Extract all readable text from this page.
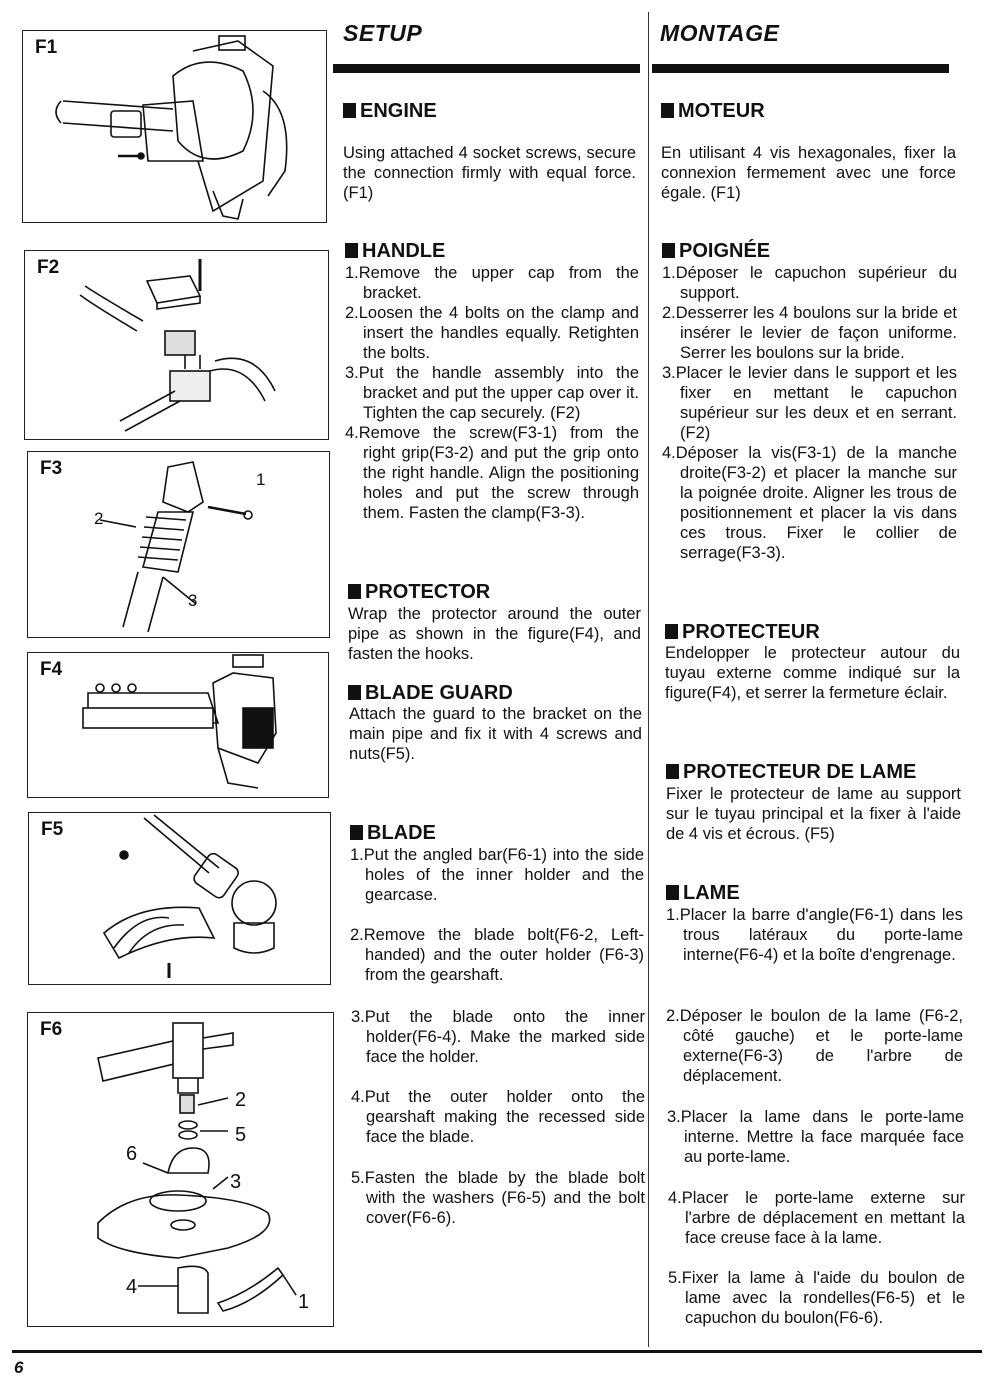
F1
F2
F3
1
2
3
F4
F5
F6
2
5
6
3
4
1
SETUP
ENGINE
Using attached 4 socket screws, secure the connection firmly with equal force. (F1)
HANDLE
1.Remove the upper cap from the bracket.
2.Loosen the 4 bolts on the clamp and insert the handles equally. Retighten the bolts.
3.Put the handle assembly into the bracket and put the upper cap over it. Tighten the cap securely. (F2)
4.Remove the screw(F3-1) from the right grip(F3-2) and put the grip onto the right handle. Align the positioning holes and put the screw through them. Fasten the clamp(F3-3).
PROTECTOR
Wrap the protector around the outer pipe as shown in the figure(F4), and fasten the hooks.
BLADE GUARD
Attach the guard to the bracket on the main pipe and fix it with 4 screws and nuts(F5).
BLADE
1.Put the angled bar(F6-1) into the side holes of the inner holder and the gearcase.
2.Remove the blade bolt(F6-2, Left-handed) and the outer holder (F6-3) from the gearshaft.
3.Put the blade onto the inner holder(F6-4). Make the marked side face the holder.
4.Put the outer holder onto the gearshaft making the recessed side face the blade.
5.Fasten the blade by the blade bolt with the washers (F6-5) and the bolt cover(F6-6).
MONTAGE
MOTEUR
En utilisant 4 vis hexagonales, fixer la connexion fermement avec une force égale. (F1)
POIGNÉE
1.Déposer le capuchon supérieur du support.
2.Desserrer les 4 boulons sur la bride et insérer le levier de façon uniforme. Serrer les boulons sur la bride.
3.Placer le levier dans le support et les fixer en mettant le capuchon supérieur sur les deux et en serrant. (F2)
4.Déposer la vis(F3-1) de la manche droite(F3-2) et placer la manche sur la poignée droite. Aligner les trous de positionnement et placer la vis dans ces trous. Fixer le collier de serrage(F3-3).
PROTECTEUR
Endelopper le protecteur autour du tuyau externe comme indiqué sur la figure(F4), et serrer la fermeture éclair.
PROTECTEUR DE LAME
Fixer le protecteur de lame au support sur le tuyau principal et la fixer à l'aide de 4 vis et écrous. (F5)
LAME
1.Placer la barre d'angle(F6-1) dans les trous latéraux du porte-lame interne(F6-4) et la boîte d'engrenage.
2.Déposer le boulon de la lame (F6-2, côté gauche) et le porte-lame externe(F6-3) de l'arbre de déplacement.
3.Placer la lame dans le porte-lame interne. Mettre la face marquée face au porte-lame.
4.Placer le porte-lame externe sur l'arbre de déplacement en mettant la face creuse face à la lame.
5.Fixer la lame à l'aide du boulon de lame avec la rondelles(F6-5) et le capuchon du boulon(F6-6).
6
